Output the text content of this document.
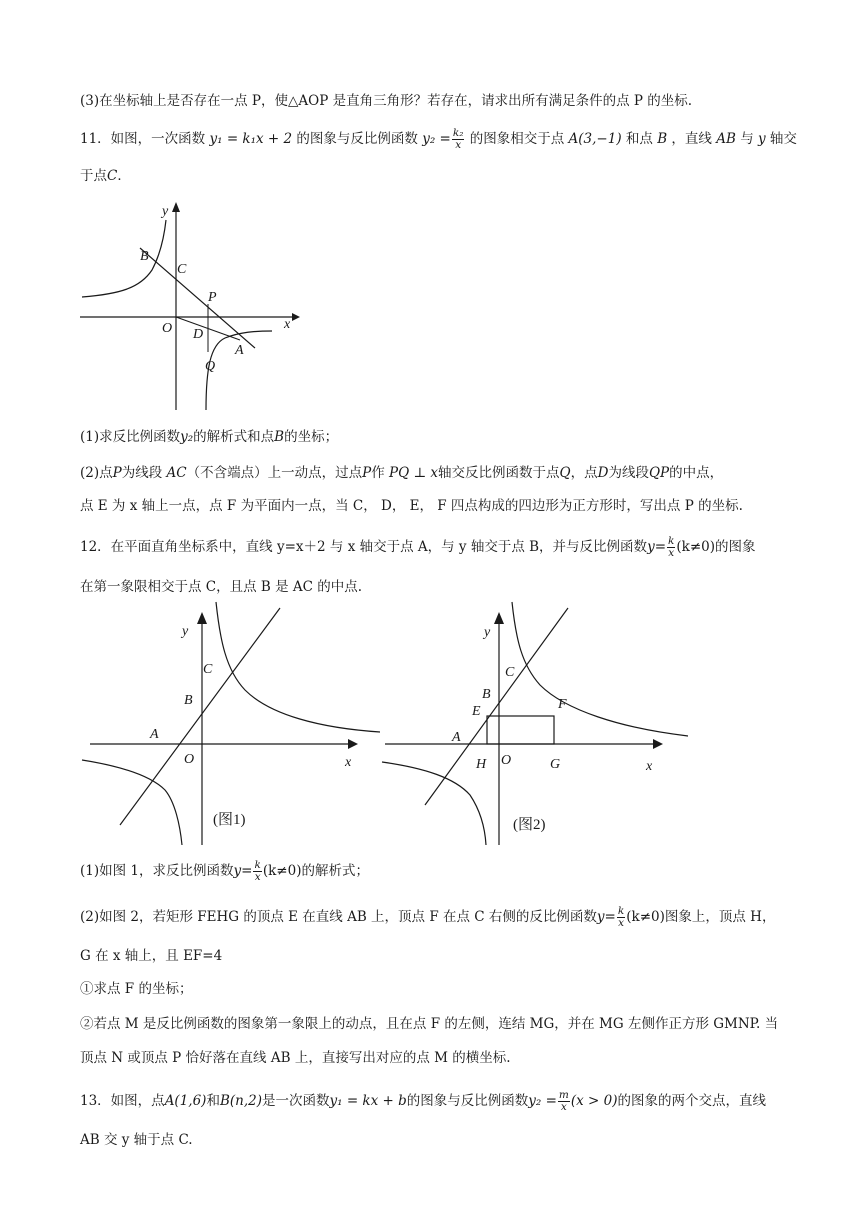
(3)在坐标轴上是否存在一点 P，使△AOP 是直角三角形？若存在，请求出所有满足条件的点 P 的坐标.
11．如图，一次函数 y₁ = k₁x + 2 的图象与反比例函数 $y_2 = \frac{\text{k₂}}{x}$ 的图象相交于点 A(3,−1) 和点 B ，直线 AB 与 y 轴交
于点C．
y
x
B
C
P
O D
A
Q
(1)求反比例函数y₂的解析式和点B的坐标；
(2)点P为线段 AC（不含端点）上一动点，过点P作 PQ ⊥ x轴交反比例函数于点Q，点D为线段QP的中点，
点 E 为 x 轴上一点，点 F 为平面内一点，当 C， D， E， F 四点构成的四边形为正方形时，写出点 P 的坐标.
12．在平面直角坐标系中，直线 y=x＋2 与 x 轴交于点 A，与 y 轴交于点 B，并与反比例函数$y= \frac{k}{x} (k\ne 0)$的图象
在第一象限相交于点 C，且点 B 是 AC 的中点.
y
x
C
B
A
O
(图1)
y
x
C
B
E	F
A
H O	G
(图2)
(1)如图 1，求反比例函数$y= \frac{k}{x} (k\ne 0)$的解析式；
(2)如图 2，若矩形 FEHG 的顶点 E 在直线 AB 上，顶点 F 在点 C 右侧的反比例函数$y= \frac{k}{x} (k\ne 0)$图象上，顶点 H，
G 在 x 轴上，且 EF=4
①求点 F 的坐标；
②若点 M 是反比例函数的图象第一象限上的动点，且在点 F 的左侧，连结 MG，并在 MG 左侧作正方形 GMNP. 当
顶点 N 或顶点 P 恰好落在直线 AB 上，直接写出对应的点 M 的横坐标.
13．如图，点A(1,6)和B(n,2)是一次函数y₁ = kx + b的图象与反比例函数$y_2 = \frac{m}{x} (x > 0)$的图象的两个交点，直线
AB 交 y 轴于点 C.
